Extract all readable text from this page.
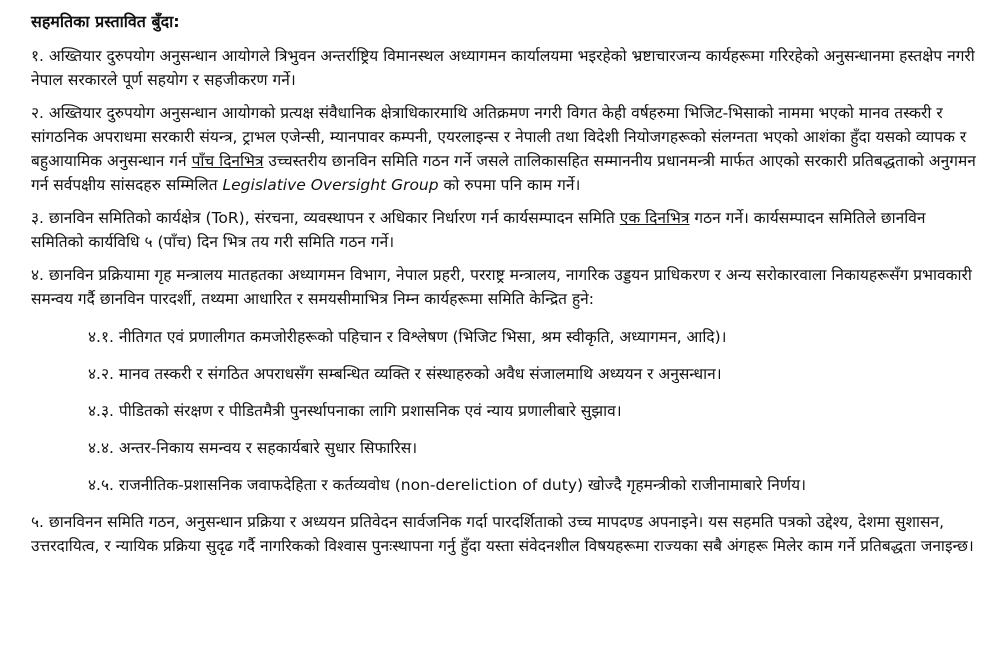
सहमतिका प्रस्तावित बुँदा:
१. अख्तियार दुरुपयोग अनुसन्धान आयोगले त्रिभुवन अन्तर्राष्ट्रिय विमानस्थल अध्यागमन कार्यालयमा भइरहेको भ्रष्टाचारजन्य कार्यहरूमा गरिरहेको अनुसन्धानमा हस्तक्षेप नगरी नेपाल सरकारले पूर्ण सहयोग र सहजीकरण गर्ने।
२. अख्तियार दुरुपयोग अनुसन्धान आयोगको प्रत्यक्ष संवैधानिक क्षेत्राधिकारमाथि अतिक्रमण नगरी विगत केही वर्षहरुमा भिजिट-भिसाको नाममा भएको मानव तस्करी र सांगठनिक अपराधमा सरकारी संयन्त्र, ट्राभल एजेन्सी, म्यानपावर कम्पनी, एयरलाइन्स र नेपाली तथा विदेशी नियोजगहरूको संलग्नता भएको आशंका हुँदा यसको व्यापक र बहुआयामिक अनुसन्धान गर्न पाँच दिनभित्र उच्चस्तरीय छानविन समिति गठन गर्ने जसले तालिकासहित सम्माननीय प्रधानमन्त्री मार्फत आएको सरकारी प्रतिबद्धताको अनुगमन गर्न सर्वपक्षीय सांसदहरु सम्मिलित Legislative Oversight Group को रुपमा पनि काम गर्ने।
३. छानविन समितिको कार्यक्षेत्र (ToR), संरचना, व्यवस्थापन र अधिकार निर्धारण गर्न कार्यसम्पादन समिति एक दिनभित्र गठन गर्ने। कार्यसम्पादन समितिले छानविन समितिको कार्यविधि ५ (पाँच) दिन भित्र तय गरी समिति गठन गर्ने।
४. छानविन प्रक्रियामा गृह मन्त्रालय मातहतका अध्यागमन विभाग, नेपाल प्रहरी, परराष्ट्र मन्त्रालय, नागरिक उड्डयन प्राधिकरण र अन्य सरोकारवाला निकायहरूसँग प्रभावकारी समन्वय गर्दै छानविन पारदर्शी, तथ्यमा आधारित र समयसीमाभित्र निम्न कार्यहरूमा समिति केन्द्रित हुने:
४.१. नीतिगत एवं प्रणालीगत कमजोरीहरूको पहिचान र विश्लेषण (भिजिट भिसा, श्रम स्वीकृति, अध्यागमन, आदि)।
४.२. मानव तस्करी र संगठित अपराधसँग सम्बन्धित व्यक्ति र संस्थाहरुको अवैध संजालमाथि अध्ययन र अनुसन्धान।
४.३. पीडितको संरक्षण र पीडितमैत्री पुनर्स्थापनाका लागि प्रशासनिक एवं न्याय प्रणालीबारे सुझाव।
४.४. अन्तर-निकाय समन्वय र सहकार्यबारे सुधार सिफारिस।
४.५. राजनीतिक-प्रशासनिक जवाफदेहिता र कर्तव्यवोध (non-dereliction of duty) खोज्दै गृहमन्त्रीको राजीनामाबारे निर्णय।
५. छानविनन समिति गठन, अनुसन्धान प्रक्रिया र अध्ययन प्रतिवेदन सार्वजनिक गर्दा पारदर्शिताको उच्च मापदण्ड अपनाइने। यस सहमति पत्रको उद्देश्य, देशमा सुशासन, उत्तरदायित्व, र न्यायिक प्रक्रिया सुदृढ गर्दै नागरिकको विश्वास पुनःस्थापना गर्नु हुँदा यस्ता संवेदनशील विषयहरूमा राज्यका सबै अंगहरू मिलेर काम गर्ने प्रतिबद्धता जनाइन्छ।
